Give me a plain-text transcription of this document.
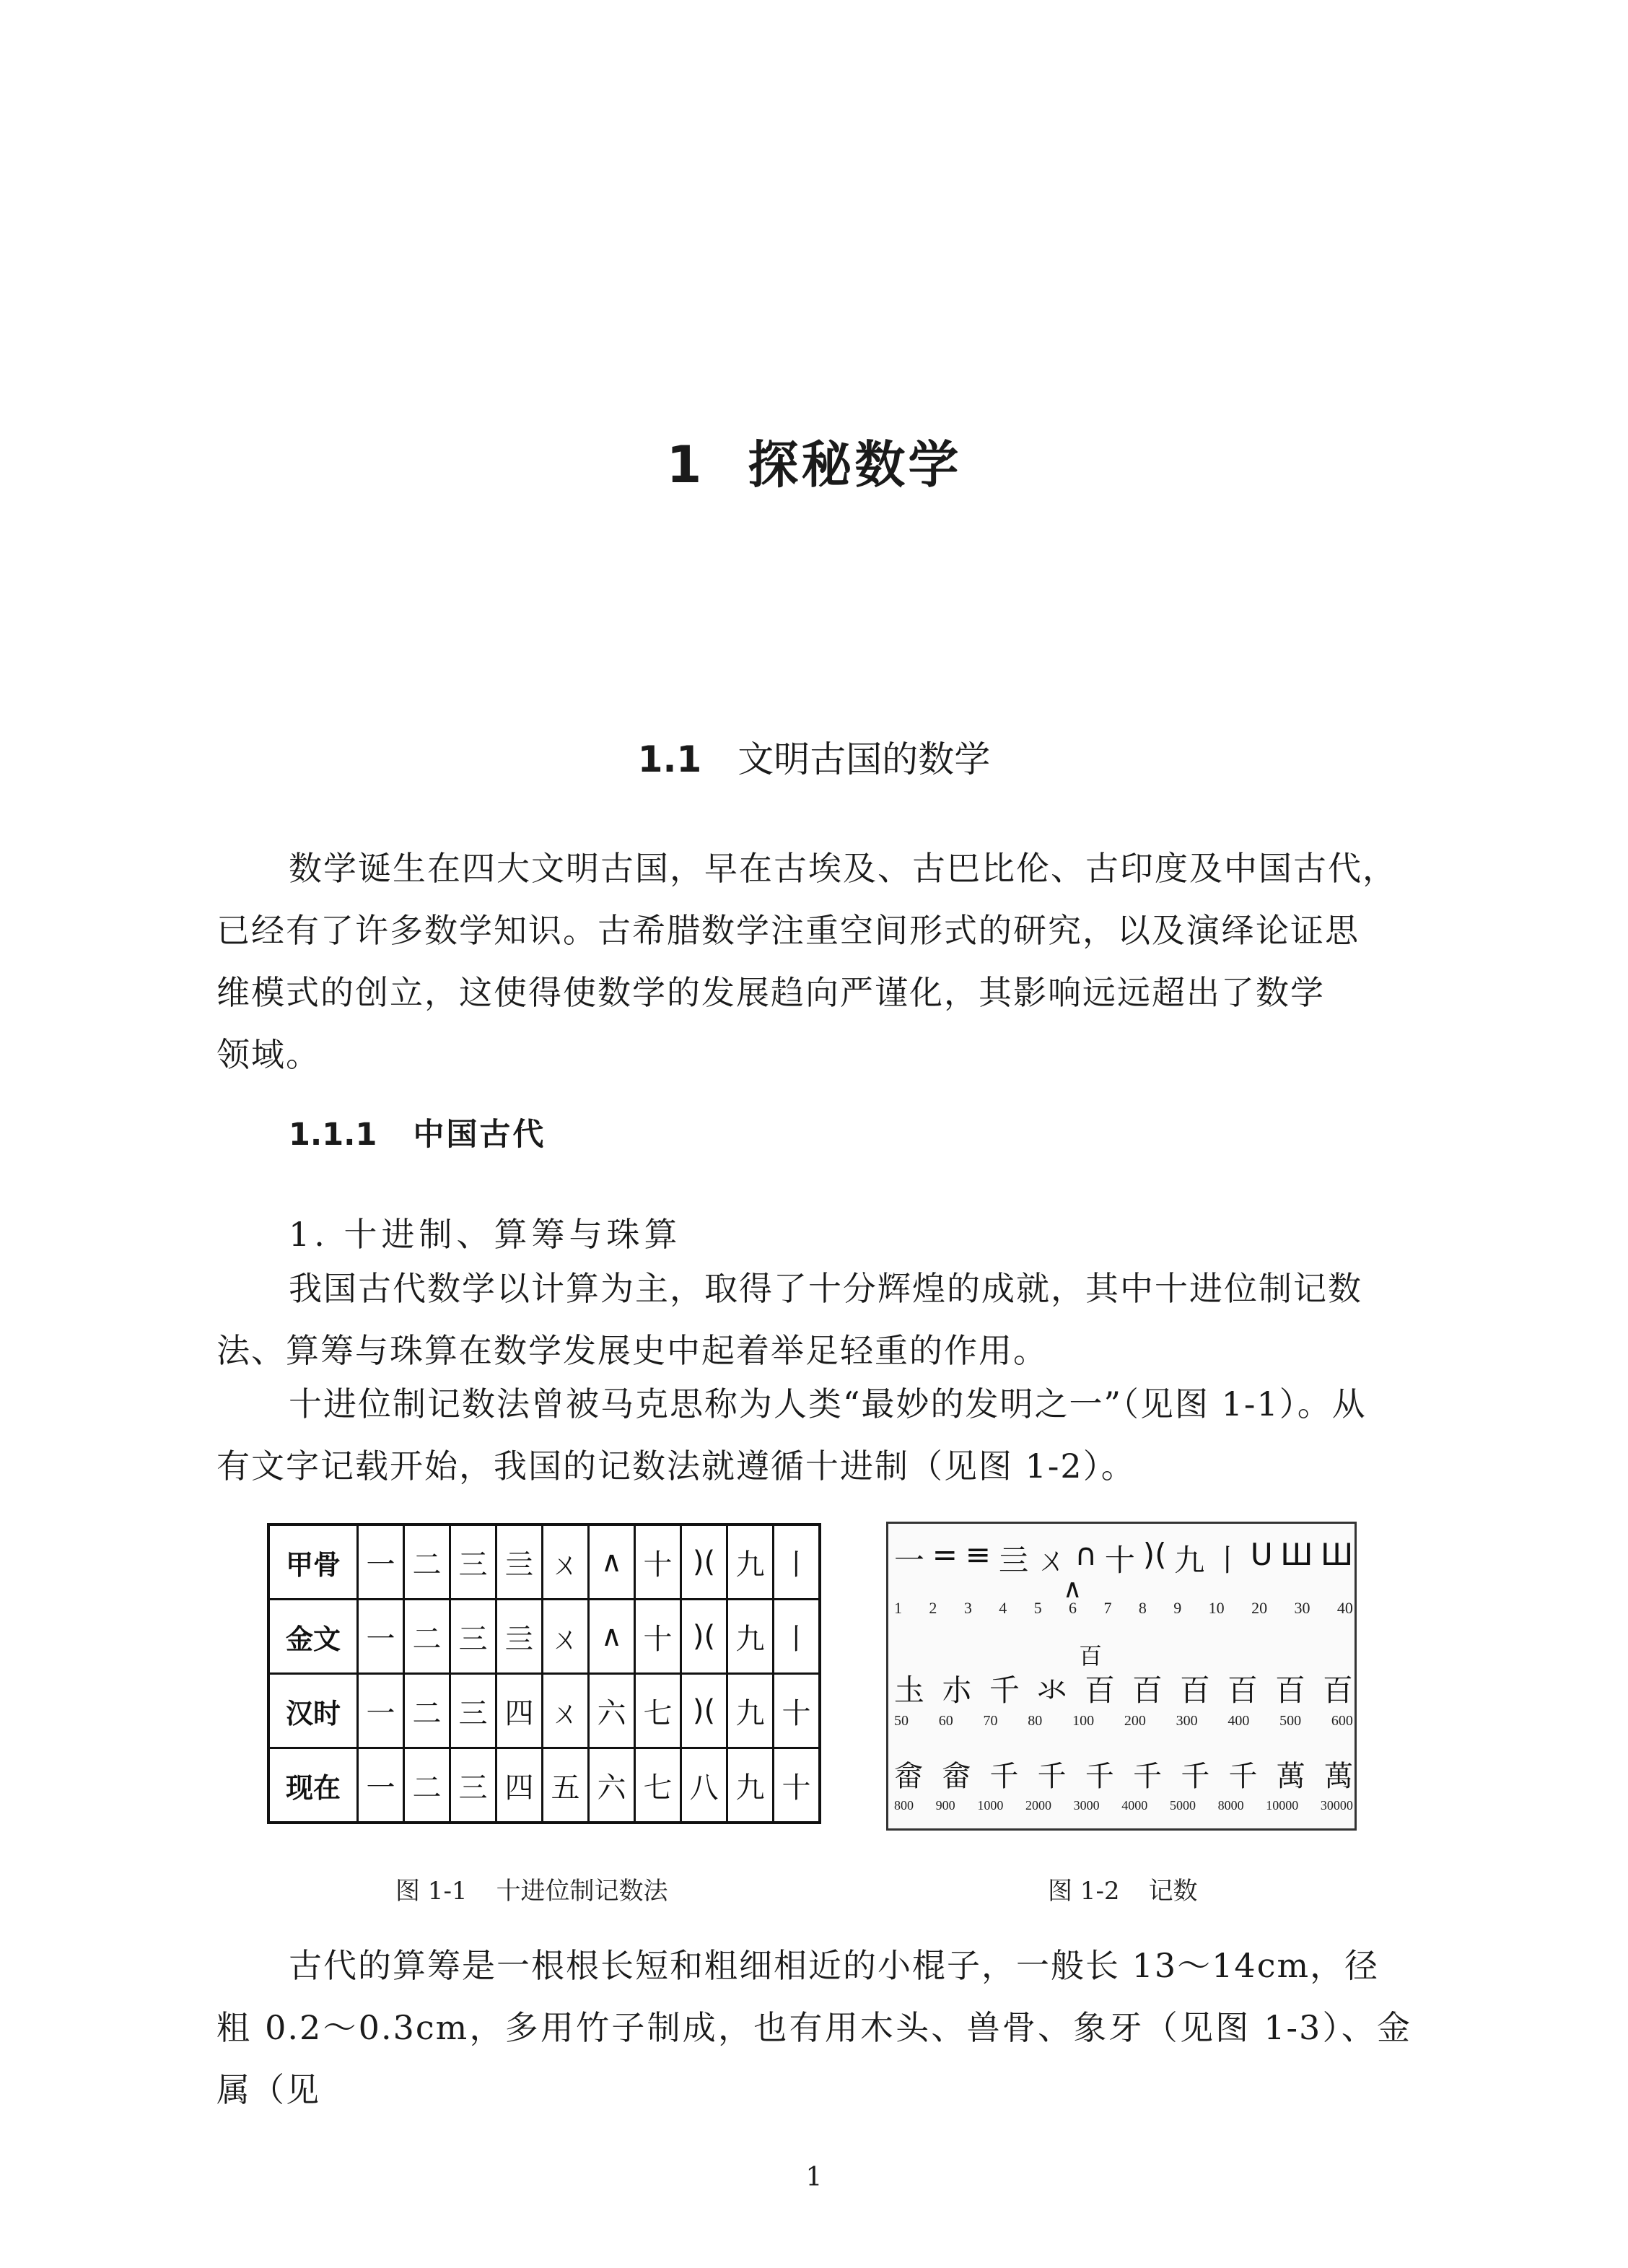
1 探秘数学
1.1 文明古国的数学
数学诞生在四大文明古国，早在古埃及、古巴比伦、古印度及中国古代，
已经有了许多数学知识。古希腊数学注重空间形式的研究，以及演绎论证思
维模式的创立，这使得使数学的发展趋向严谨化，其影响远远超出了数学
领域。
1.1.1 中国古代
1. 十进制、算筹与珠算
我国古代数学以计算为主，取得了十分辉煌的成就，其中十进位制记数
法、算筹与珠算在数学发展史中起着举足轻重的作用。
十进位制记数法曾被马克思称为人类“最妙的发明之一”（见图 1-1）。从
有文字记载开始，我国的记数法就遵循十进制（见图 1-2）。
甲骨	一	二	三	亖	ㄨ	∧	十	)(	九	丨
金文	一	二	三	亖	ㄨ	∧	十	)(	九	丨
汉时	一	二	三	四	ㄨ	六	七	)(	九	十
现在	一	二	三	四	五	六	七	八	九	十
图 1-1 十进位制记数法
一 = ≡ 亖 ㄨ ∩ 十 )( 九 丨 U Ш Ш
∧
1 2 3 4 5 6 7 8 9 10 20 30 40
百
圡 朩 千 氺 百 百 百 百 百 百
50 60 70 80 100 200 300 400 500 600
畲 畲 千 千 千 千 千 千 萬 萬
800 900 1000 2000 3000 4000 5000 8000 10000 30000
图 1-2 记数
古代的算筹是一根根长短和粗细相近的小棍子，一般长 13～14cm，径
粗 0.2～0.3cm，多用竹子制成，也有用木头、兽骨、象牙（见图 1-3）、金属（见
1
